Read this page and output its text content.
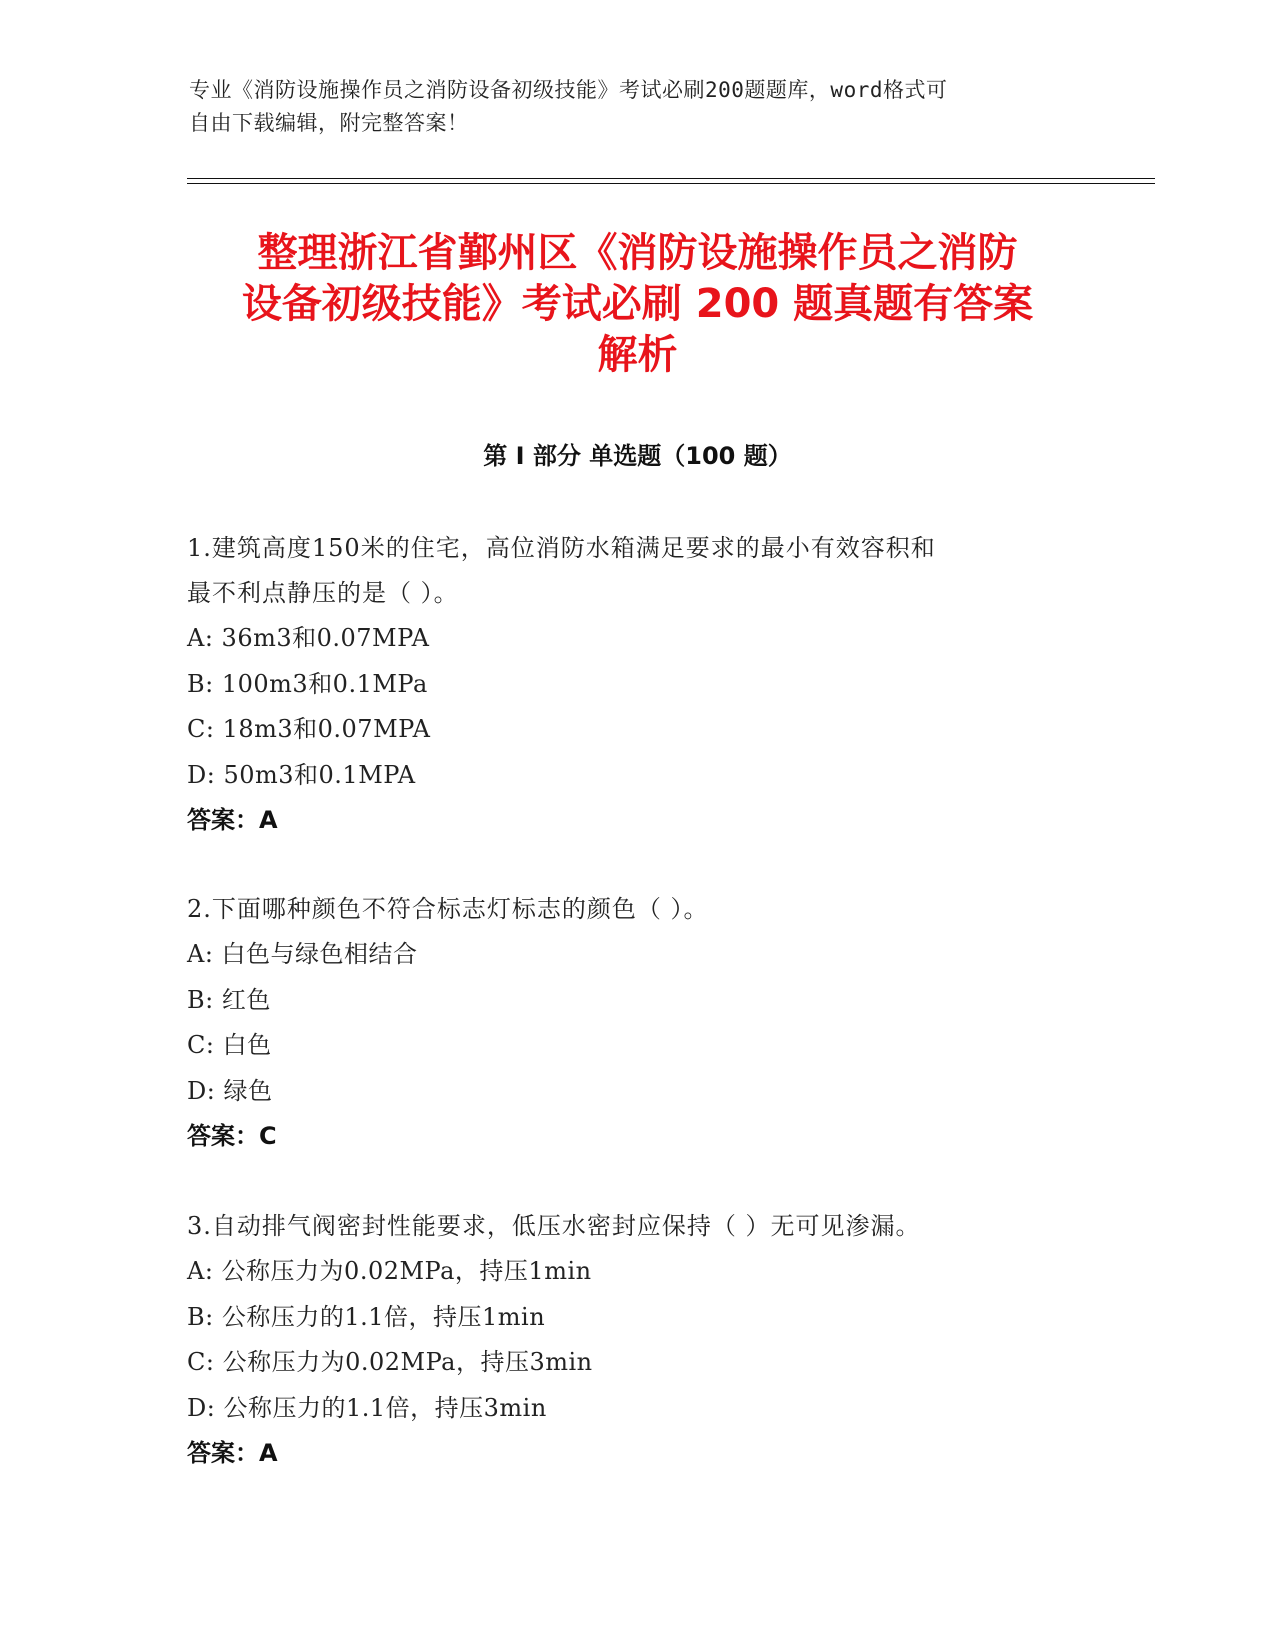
专业《消防设施操作员之消防设备初级技能》考试必刷200题题库，word格式可
自由下载编辑，附完整答案！
整理浙江省鄞州区《消防设施操作员之消防
设备初级技能》考试必刷 200 题真题有答案
解析
第 I 部分 单选题（100 题）
1.建筑高度150米的住宅，高位消防水箱满足要求的最小有效容积和
最不利点静压的是（ ）。
A: 36m3和0.07MPA
B: 100m3和0.1MPa
C: 18m3和0.07MPA
D: 50m3和0.1MPA
答案：A
2.下面哪种颜色不符合标志灯标志的颜色（ ）。
A: 白色与绿色相结合
B: 红色
C: 白色
D: 绿色
答案：C
3.自动排气阀密封性能要求，低压水密封应保持（ ）无可见渗漏。
A: 公称压力为0.02MPa，持压1min
B: 公称压力的1.1倍，持压1min
C: 公称压力为0.02MPa，持压3min
D: 公称压力的1.1倍，持压3min
答案：A
